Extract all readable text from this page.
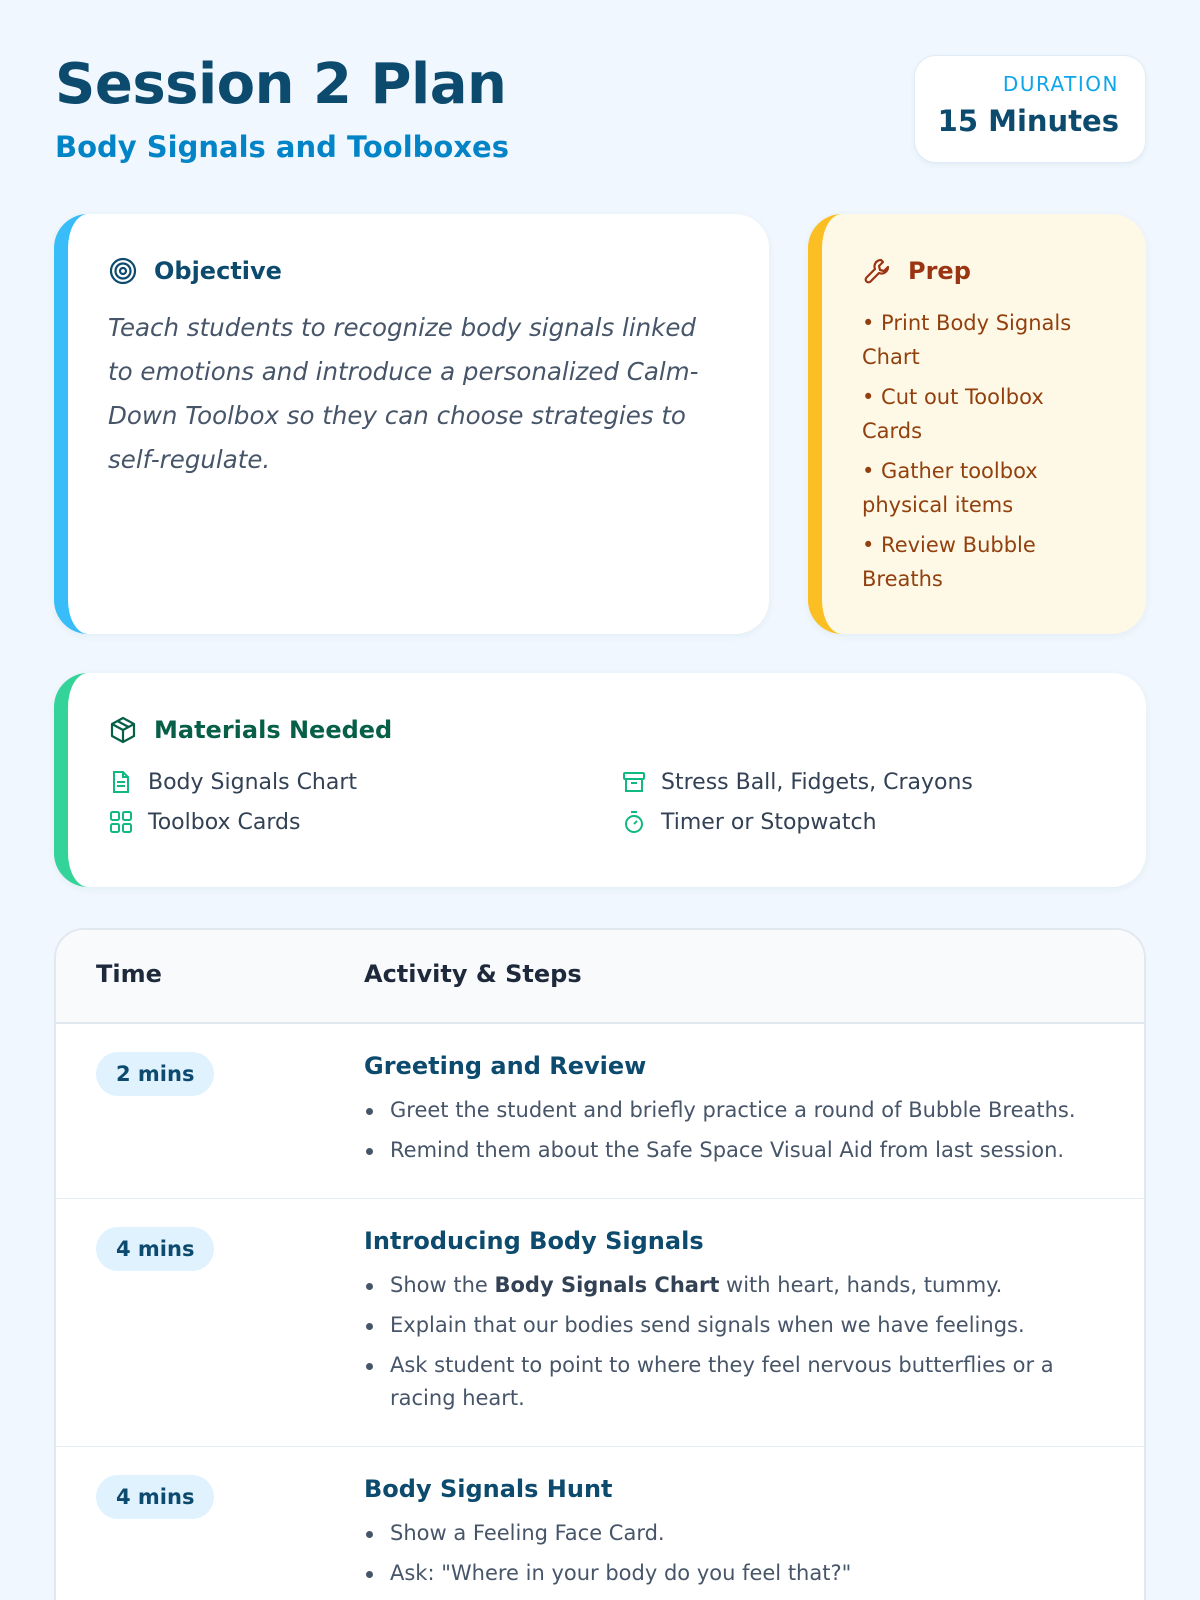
Session 2 Plan
Body Signals and Toolboxes
DURATION
15 Minutes
Objective
Teach students to recognize body signals linked to emotions and introduce a personalized Calm-Down Toolbox so they can choose strategies to self-regulate.
Prep
• Print Body Signals Chart
• Cut out Toolbox Cards
• Gather toolbox physical items
• Review Bubble Breaths
Materials Needed
Body Signals Chart
Toolbox Cards
Stress Ball, Fidgets, Crayons
Timer or Stopwatch
Time	Activity & Steps
2 mins	Greeting and Review
Greet the student and briefly practice a round of Bubble Breaths.
Remind them about the Safe Space Visual Aid from last session.
4 mins	Introducing Body Signals
Show the Body Signals Chart with heart, hands, tummy.
Explain that our bodies send signals when we have feelings.
Ask student to point to where they feel nervous butterflies or a racing heart.
4 mins	Body Signals Hunt
Show a Feeling Face Card.
Ask: "Where in your body do you feel that?"
